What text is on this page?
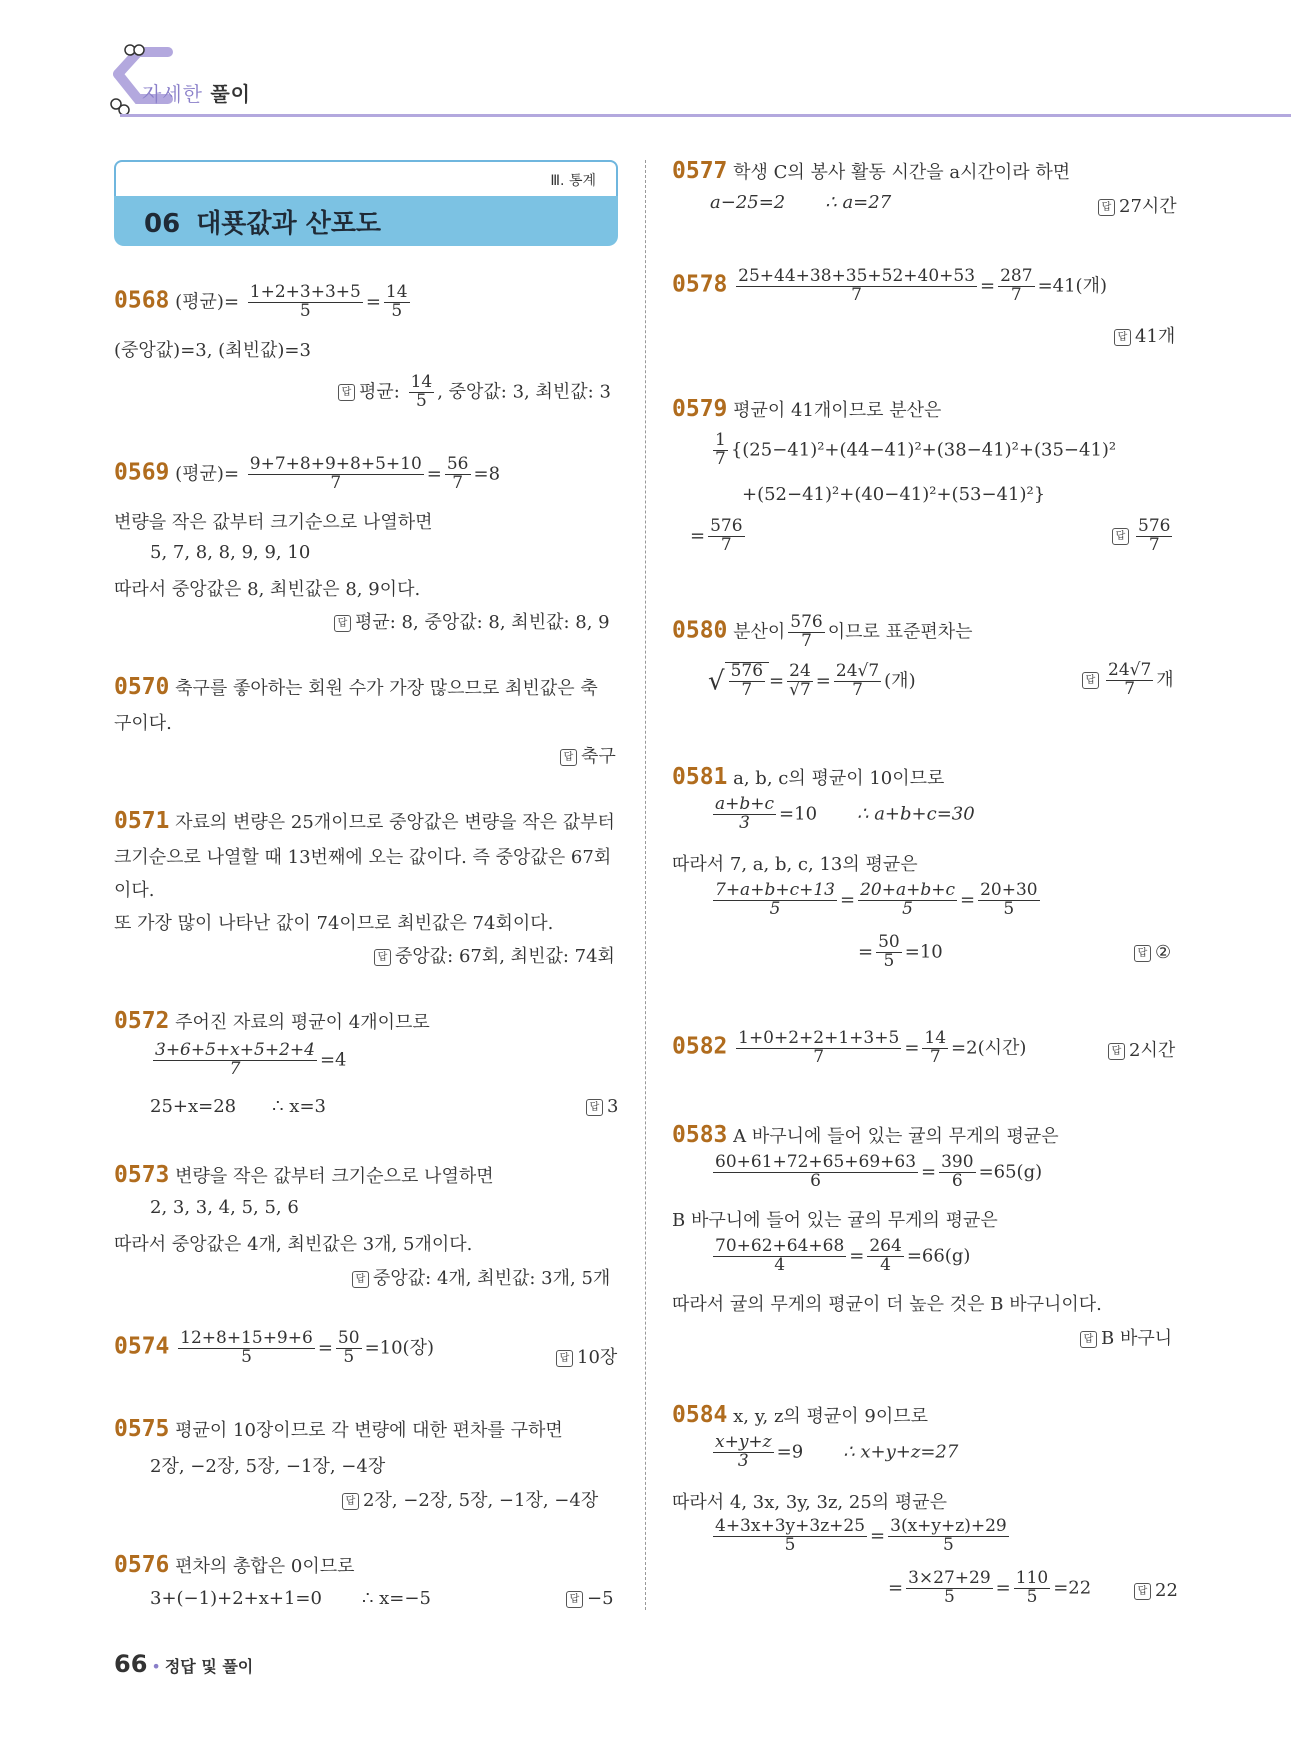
자세한 풀이
Ⅲ. 통계
06 대푯값과 산포도
0568 (평균)= $\frac{1+2+3+3+5}{5} = \frac{14}{5}$
(중앙값)=3, (최빈값)=3
답 평균: $\frac{14}{5}$ , 중앙값: 3, 최빈값: 3
0569 (평균)= $\frac{9+7+8+9+8+5+10}{7} = \frac{56}{7} =8$
변량을 작은 값부터 크기순으로 나열하면
5, 7, 8, 8, 9, 9, 10
따라서 중앙값은 8, 최빈값은 8, 9이다.
답 평균: 8, 중앙값: 8, 최빈값: 8, 9
0570 축구를 좋아하는 회원 수가 가장 많으므로 최빈값은 축
구이다.
답 축구
0571 자료의 변량은 25개이므로 중앙값은 변량을 작은 값부터
크기순으로 나열할 때 13번째에 오는 값이다. 즉 중앙값은 67회
이다.
또 가장 많이 나타난 값이 74이므로 최빈값은 74회이다.
답 중앙값: 67회, 최빈값: 74회
0572 주어진 자료의 평균이 4개이므로
$\frac{3+6+5+x+5+2+4}{7} =4$
25+x=28 ∴ x=3	답 3
0573 변량을 작은 값부터 크기순으로 나열하면
2, 3, 3, 4, 5, 5, 6
따라서 중앙값은 4개, 최빈값은 3개, 5개이다.
답 중앙값: 4개, 최빈값: 3개, 5개
$0574 \frac{12+8+15+9+6}{5} = \frac{50}{5} =10$(장)	답 10장
0575 평균이 10장이므로 각 변량에 대한 편차를 구하면
2장, −2장, 5장, −1장, −4장
답 2장, −2장, 5장, −1장, −4장
0576 편차의 총합은 0이므로
3+(−1)+2+x+1=0 ∴ x=−5	답 −5
0577 학생 C의 봉사 활동 시간을 a시간이라 하면
a−25=2 ∴ a=27	답 27시간
$0578 \frac{25+44+38+35+52+40+53}{7} = \frac{287}{7} =41$(개)
답 41개
0579 평균이 41개이므로 분산은
$\frac{1}{7} \{(25-41)^2+(44-41)^2+(38-41)^2+(35-41)^2$
+(52−41)²+(40−41)²+(53−41)²}
= $\frac{576}{7}$	답 $\frac{576}{7}$
0580 분산이 $\frac{576}{7}$ 이므로 표준편차는
√ $\frac{576}{7} = \frac{24}{√7} = \frac{24√7}{7}$ (개)	답 $\frac{24√7}{7}$ 개
0581 a, b, c의 평균이 10이므로
$\frac{a+b+c}{3} =10$ ∴ a+b+c=30
따라서 7, a, b, c, 13의 평균은
$\frac{7+a+b+c+13}{5} = \frac{20+a+b+c}{5} = \frac{20+30}{5}$
= $\frac{50}{5} =10$	답 ②
$0582 \frac{1+0+2+2+1+3+5}{7} = \frac{14}{7} =2$(시간)	답 2시간
0583 A 바구니에 들어 있는 귤의 무게의 평균은
$\frac{60+61+72+65+69+63}{6} = \frac{390}{6} =65(g)$
B 바구니에 들어 있는 귤의 무게의 평균은
$\frac{70+62+64+68}{4} = \frac{264}{4} =66(g)$
따라서 귤의 무게의 평균이 더 높은 것은 B 바구니이다.
답 B 바구니
0584 x, y, z의 평균이 9이므로
$\frac{x+y+z}{3} =9$ ∴ x+y+z=27
따라서 4, 3x, 3y, 3z, 25의 평균은
$\frac{4+3x+3y+3z+25}{5} = \frac{3(x+y+z)+29}{5}$
= $\frac{3\times 27+29}{5} = \frac{110}{5} =22$	답 22
66 • 정답 및 풀이
